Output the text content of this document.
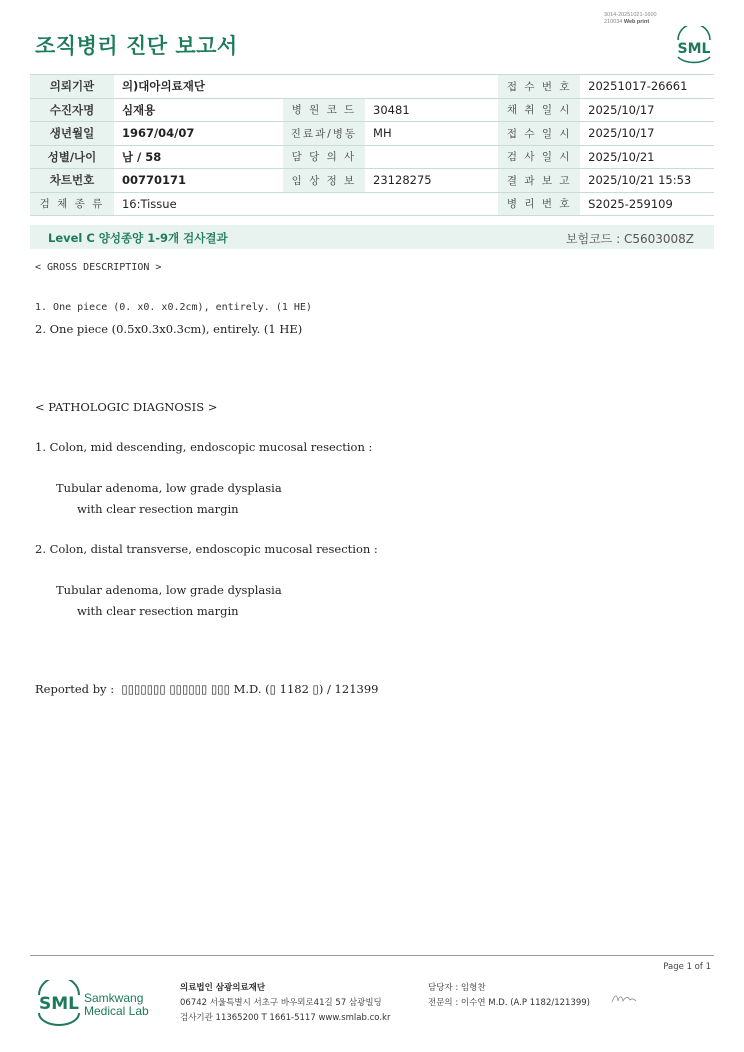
3014-20251021-1600
210034 Web print
조직병리 진단 보고서	SML
의뢰기관	의)대아의료재단			접 수 번 호	20251017-26661
수진자명	심재용	병 원 코 드	30481	채 취 일 시	2025/10/17
생년월일	1967/04/07	진료과/병동	MH	접 수 일 시	2025/10/17
성별/나이	남 / 58	담 당 의 사		검 사 일 시	2025/10/21
차트번호	00770171	임 상 정 보	23128275	결 과 보 고	2025/10/21 15:53
검 체 종 류	16:Tissue			병 리 번 호	S2025-259109
Level C 양성종양 1-9개 검사결과	보험코드 : C5603008Z
< GROSS DESCRIPTION >
1. One piece (0. x0. x0.2cm), entirely. (1 HE)
2. One piece (0.5x0.3x0.3cm), entirely. (1 HE)
< PATHOLOGIC DIAGNOSIS >
1. Colon, mid descending, endoscopic mucosal resection :
Tubular adenoma, low grade dysplasia
with clear resection margin
2. Colon, distal transverse, endoscopic mucosal resection :
Tubular adenoma, low grade dysplasia
with clear resection margin
Reported by :  ▯▯▯▯▯▯▯ ▯▯▯▯▯▯ ▯▯▯ M.D. (▯ 1182 ▯) / 121399
Page 1 of 1
SML Samkwang
Medical Lab
의료법인 삼광의료재단
06742 서울특별시 서초구 바우뫼로41길 57 삼광빌딩
검사기관 11365200 T 1661-5117 www.smlab.co.kr
담당자 : 임형찬
전문의 : 이수연 M.D. (A.P 1182/121399)
